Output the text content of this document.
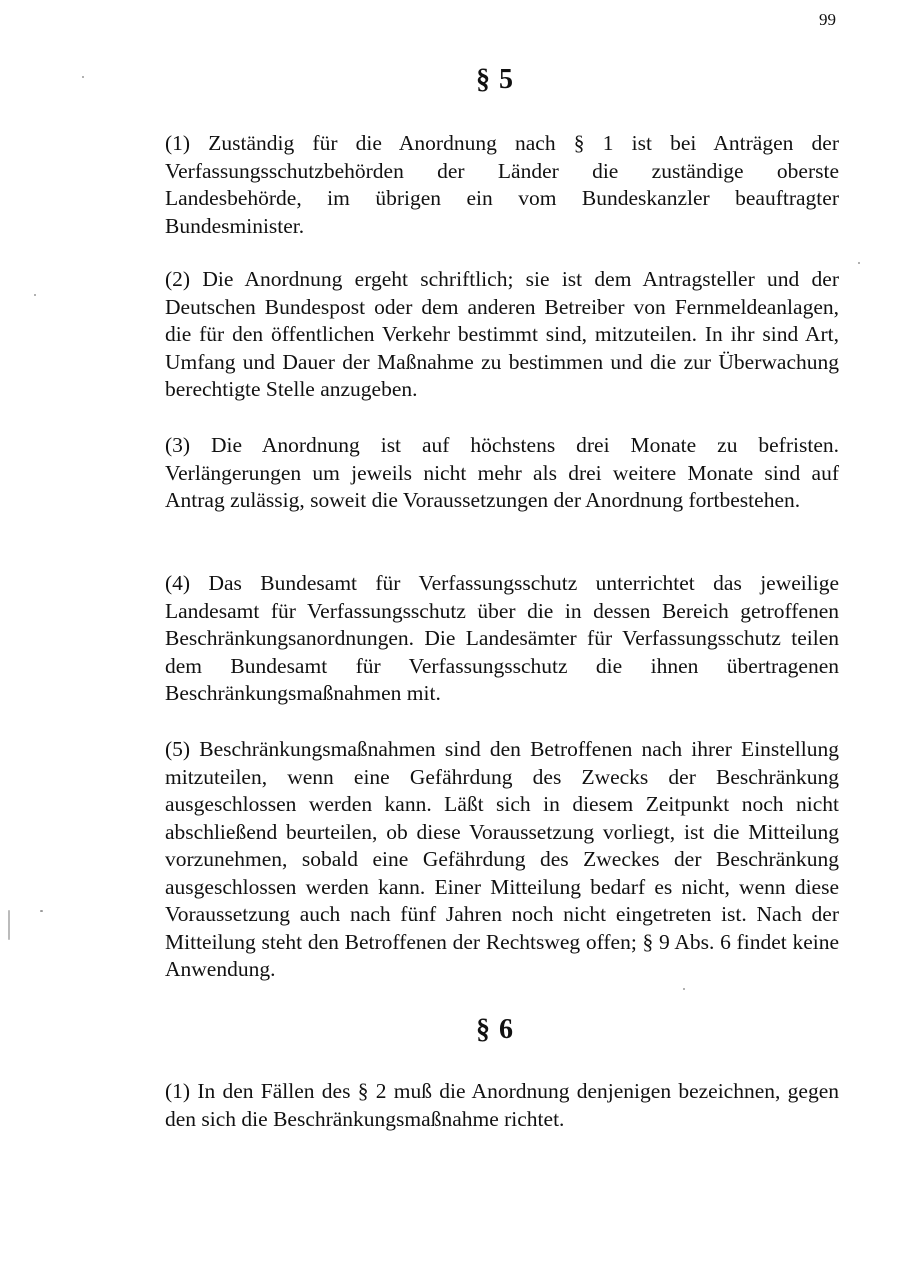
99
§ 5

(1) Zuständig für die Anordnung nach § 1 ist bei Anträgen der Verfassungsschutzbehörden der Länder die zuständige oberste Landesbehörde, im übrigen ein vom Bundeskanzler beauftragter Bundesminister.

(2) Die Anordnung ergeht schriftlich; sie ist dem Antragsteller und der Deutschen Bundespost oder dem anderen Betreiber von Fernmeldeanlagen, die für den öffentlichen Verkehr bestimmt sind, mitzuteilen. In ihr sind Art, Umfang und Dauer der Maßnahme zu bestimmen und die zur Überwachung berechtigte Stelle anzugeben.

(3) Die Anordnung ist auf höchstens drei Monate zu befristen. Verlängerungen um jeweils nicht mehr als drei weitere Monate sind auf Antrag zulässig, soweit die Voraussetzungen der Anordnung fortbestehen.

(4) Das Bundesamt für Verfassungsschutz unterrichtet das jeweilige Landesamt für Verfassungsschutz über die in dessen Bereich getroffenen Beschränkungsanordnungen. Die Landesämter für Verfassungsschutz teilen dem Bundesamt für Verfassungsschutz die ihnen übertragenen Beschränkungsmaßnahmen mit.

(5) Beschränkungsmaßnahmen sind den Betroffenen nach ihrer Einstellung mitzuteilen, wenn eine Gefährdung des Zwecks der Beschränkung ausgeschlossen werden kann. Läßt sich in diesem Zeitpunkt noch nicht abschließend beurteilen, ob diese Voraussetzung vorliegt, ist die Mitteilung vorzunehmen, sobald eine Gefährdung des Zweckes der Beschränkung ausgeschlossen werden kann. Einer Mitteilung bedarf es nicht, wenn diese Voraussetzung auch nach fünf Jahren noch nicht eingetreten ist. Nach der Mitteilung steht den Betroffenen der Rechtsweg offen; § 9 Abs. 6 findet keine Anwendung.

§ 6

(1) In den Fällen des § 2 muß die Anordnung denjenigen bezeichnen, gegen den sich die Beschränkungsmaßnahme richtet.
